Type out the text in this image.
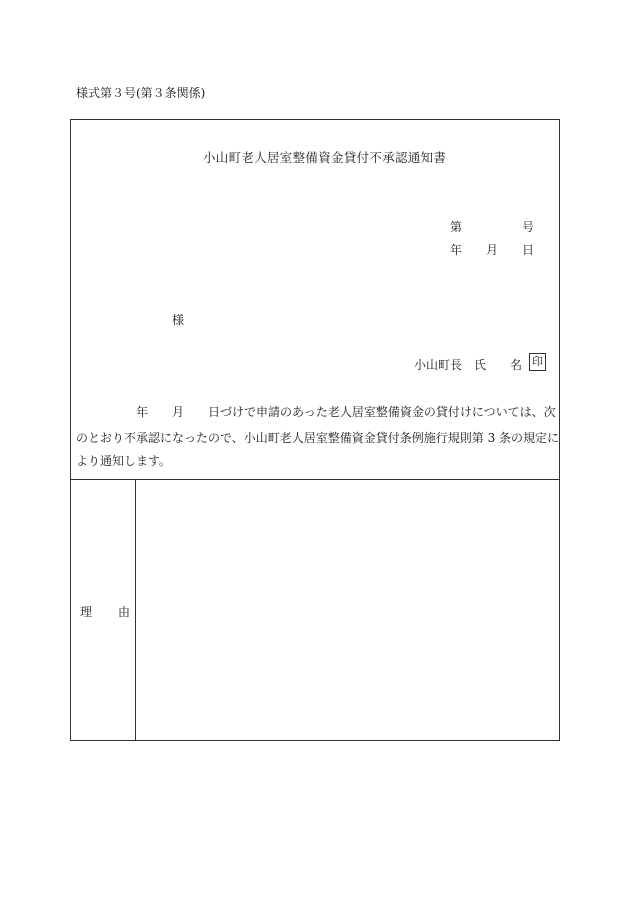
様式第３号(第３条関係)
小山町老人居室整備資金貸付不承認通知書
第	号
年 月 日
様
小山町長 氏 名 印
年 月 日づけで申請のあった老人居室整備資金の貸付けについては、次
のとおり不承認になったので、小山町老人居室整備資金貸付条例施行規則第 3 条の規定に
より通知します。
理 由
